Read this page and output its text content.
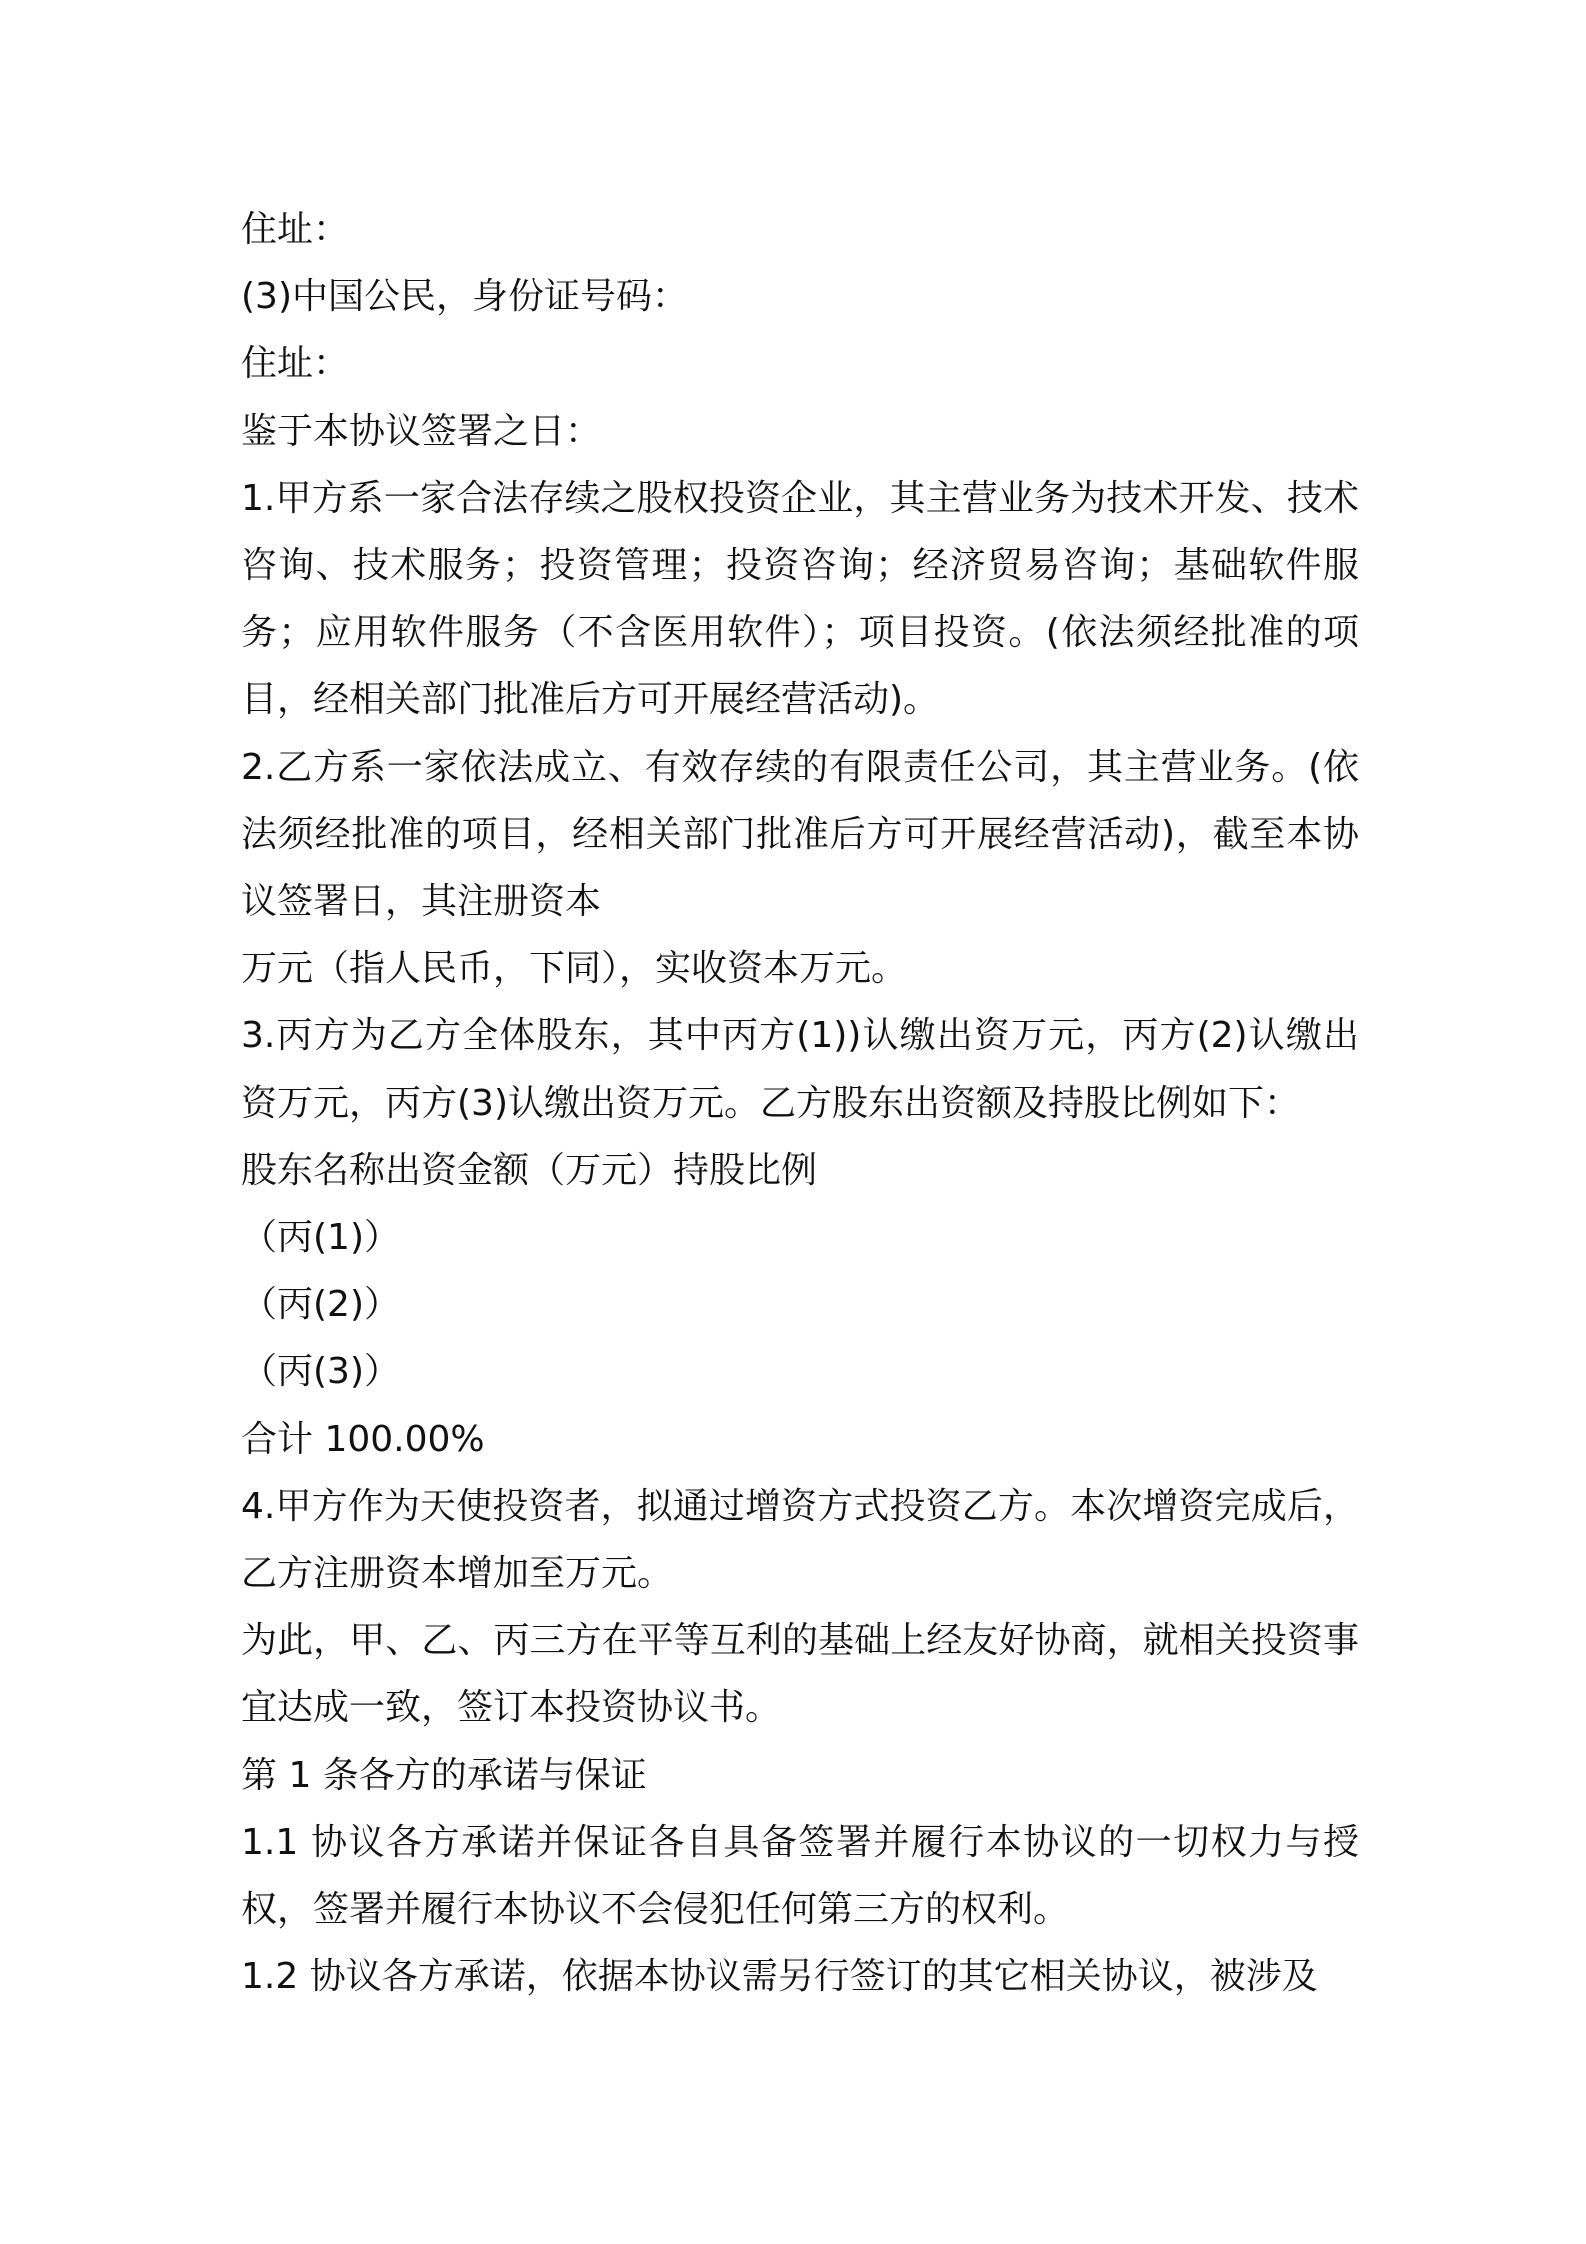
住址：

(3)中国公民，身份证号码：

住址：

鉴于本协议签署之日：

1.甲方系一家合法存续之股权投资企业，其主营业务为技术开发、技术咨询、技术服务；投资管理；投资咨询；经济贸易咨询；基础软件服务；应用软件服务（不含医用软件）；项目投资。(依法须经批准的项目，经相关部门批准后方可开展经营活动)。

2.乙方系一家依法成立、有效存续的有限责任公司，其主营业务。(依法须经批准的项目，经相关部门批准后方可开展经营活动)，截至本协议签署日，其注册资本

万元（指人民币，下同），实收资本万元。

3.丙方为乙方全体股东，其中丙方(1))认缴出资万元，丙方(2)认缴出资万元，丙方(3)认缴出资万元。乙方股东出资额及持股比例如下：

股东名称出资金额（万元）持股比例

（丙(1)）

（丙(2)）

（丙(3)）

合计 100.00%

4.甲方作为天使投资者，拟通过增资方式投资乙方。本次增资完成后，乙方注册资本增加至万元。

为此，甲、乙、丙三方在平等互利的基础上经友好协商，就相关投资事宜达成一致，签订本投资协议书。

第 1 条各方的承诺与保证

1.1 协议各方承诺并保证各自具备签署并履行本协议的一切权力与授权，签署并履行本协议不会侵犯任何第三方的权利。

1.2 协议各方承诺，依据本协议需另行签订的其它相关协议，被涉及
